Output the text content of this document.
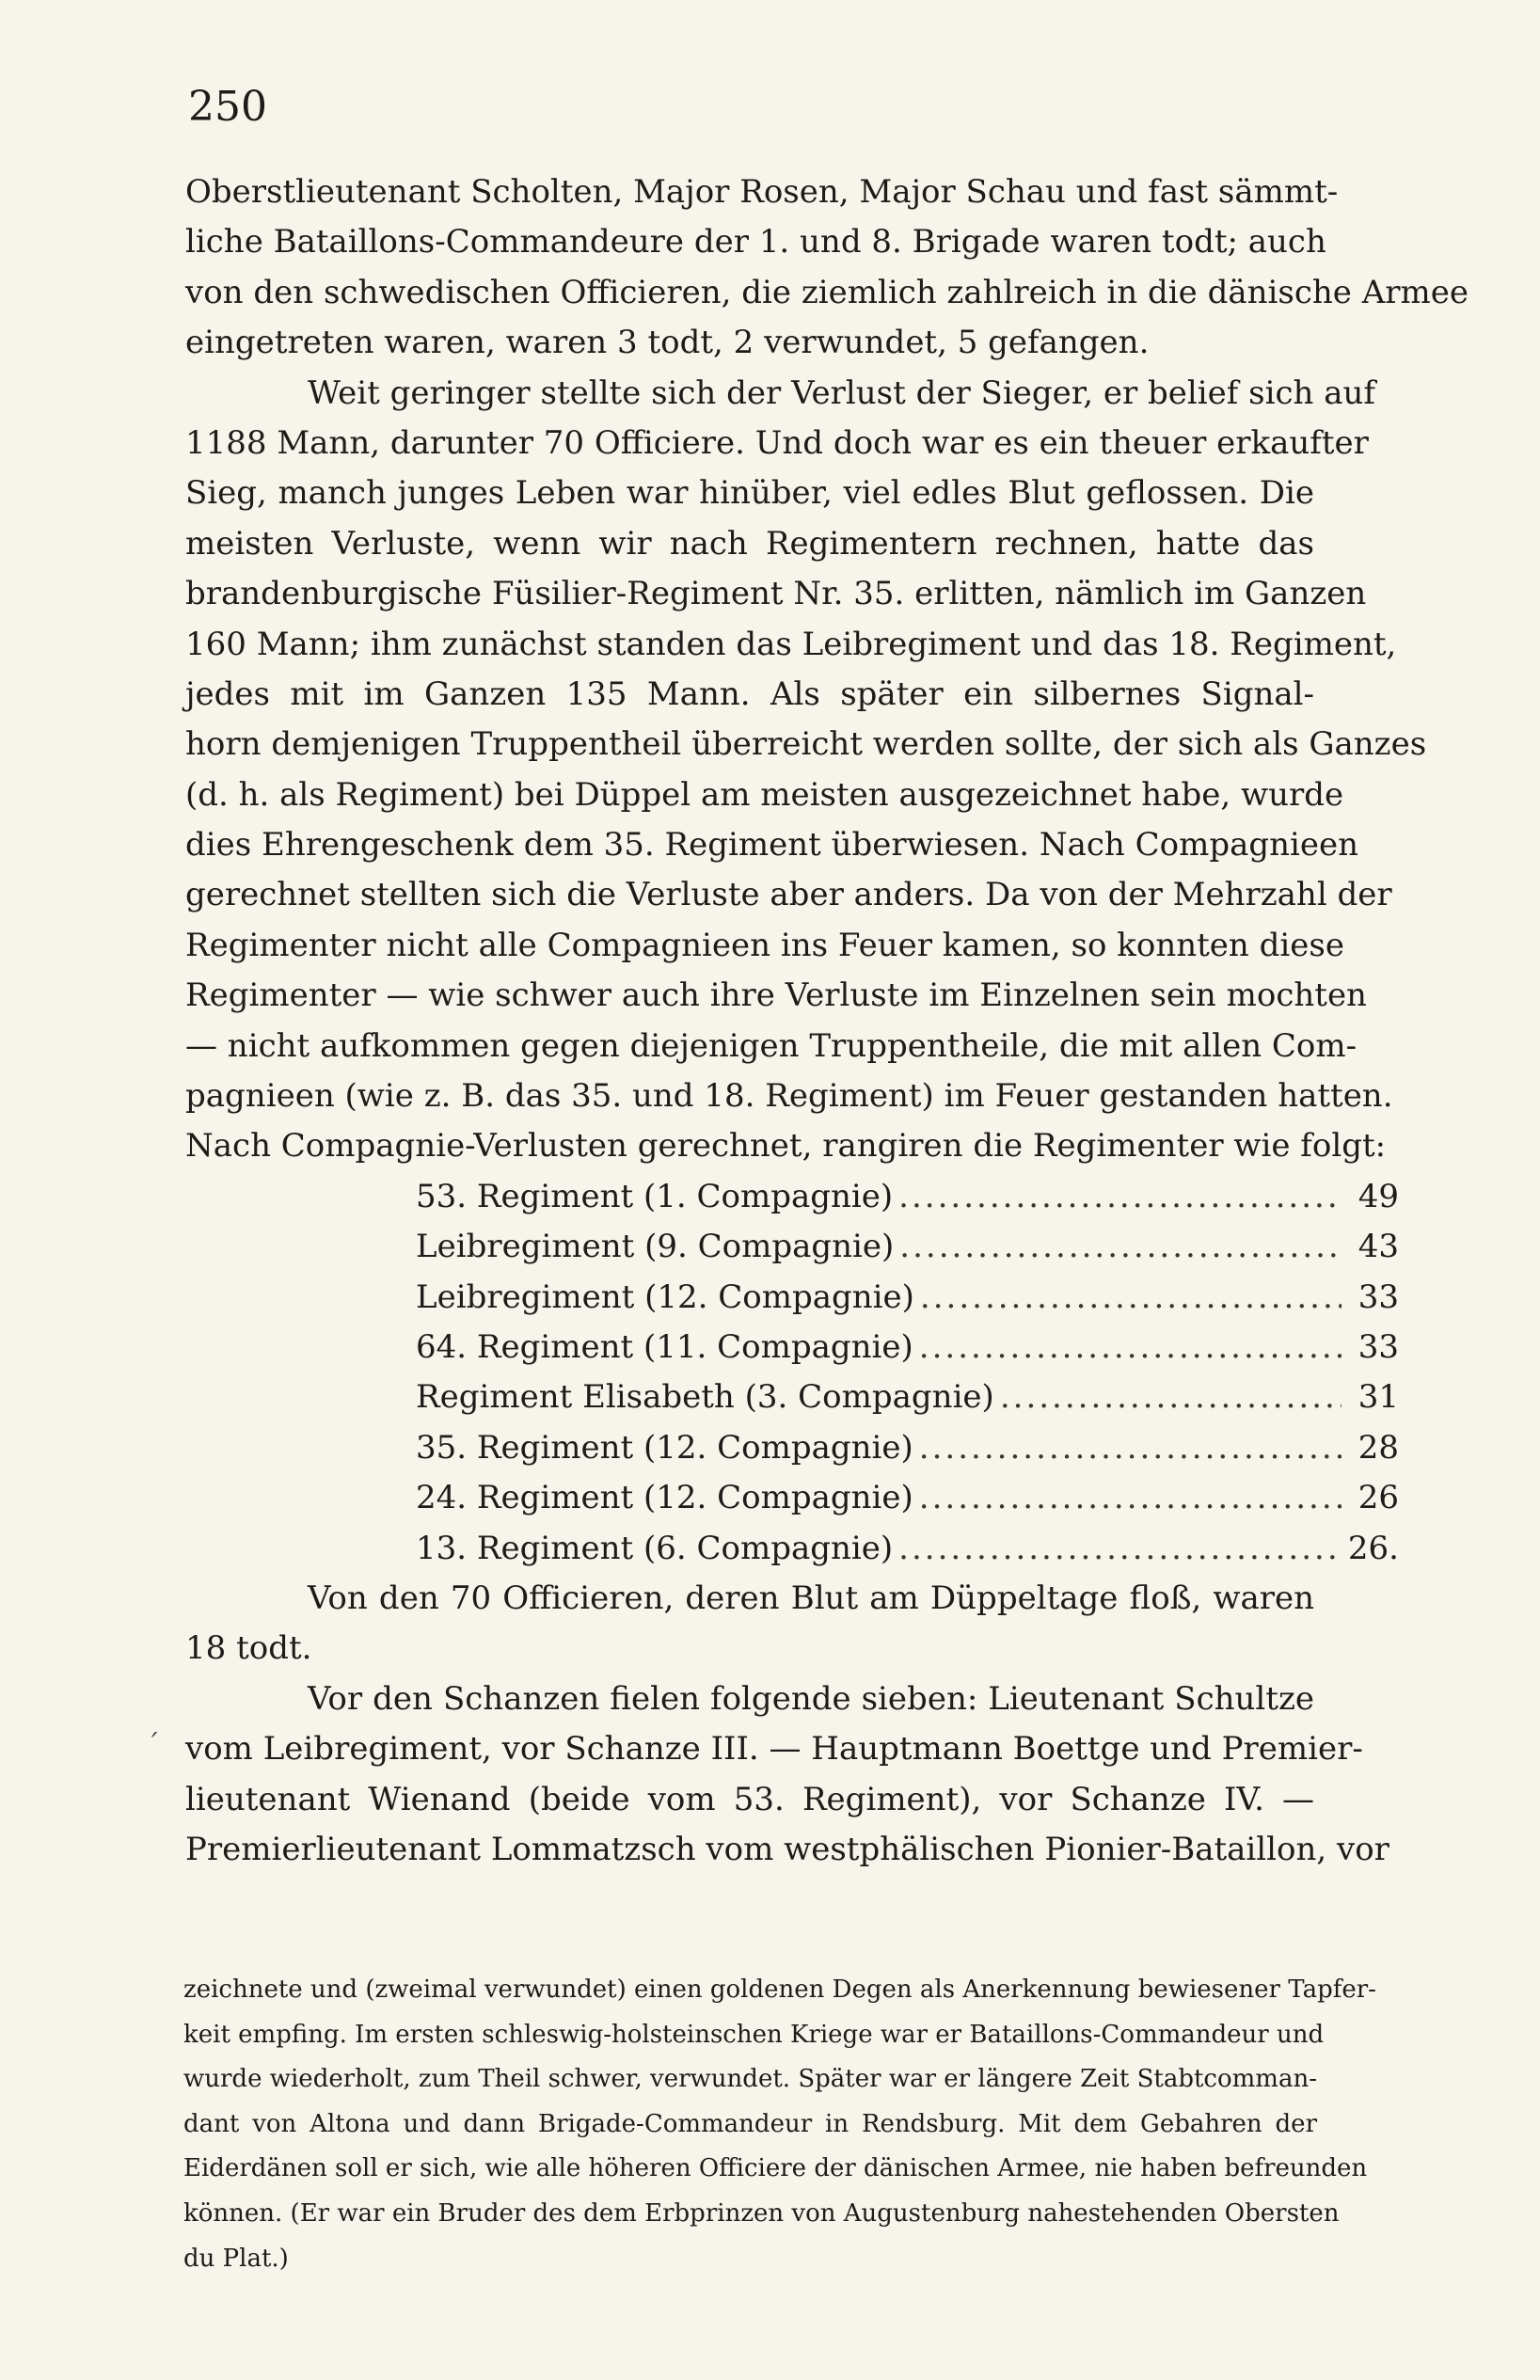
250
´
Oberstlieutenant Scholten, Major Rosen, Major Schau und fast sämmt-
liche Bataillons-Commandeure der 1. und 8. Brigade waren todt; auch
von den schwedischen Officieren, die ziemlich zahlreich in die dänische Armee
eingetreten waren, waren 3 todt, 2 verwundet, 5 gefangen.
Weit geringer stellte sich der Verlust der Sieger, er belief sich auf
1188 Mann, darunter 70 Officiere. Und doch war es ein theuer erkaufter
Sieg, manch junges Leben war hinüber, viel edles Blut geflossen. Die
meisten Verluste, wenn wir nach Regimentern rechnen, hatte das
brandenburgische Füsilier-Regiment Nr. 35. erlitten, nämlich im Ganzen
160 Mann; ihm zunächst standen das Leibregiment und das 18. Regiment,
jedes mit im Ganzen 135 Mann. Als später ein silbernes Signal-
horn demjenigen Truppentheil überreicht werden sollte, der sich als Ganzes
(d. h. als Regiment) bei Düppel am meisten ausgezeichnet habe, wurde
dies Ehrengeschenk dem 35. Regiment überwiesen. Nach Compagnieen
gerechnet stellten sich die Verluste aber anders. Da von der Mehrzahl der
Regimenter nicht alle Compagnieen ins Feuer kamen, so konnten diese
Regimenter — wie schwer auch ihre Verluste im Einzelnen sein mochten
— nicht aufkommen gegen diejenigen Truppentheile, die mit allen Com-
pagnieen (wie z. B. das 35. und 18. Regiment) im Feuer gestanden hatten.
Nach Compagnie-Verlusten gerechnet, rangiren die Regimenter wie folgt:
53. Regiment (1. Compagnie) .....	49
Leibregiment (9. Compagnie) .....	43
Leibregiment (12. Compagnie) .....	33
64. Regiment (11. Compagnie) .....	33
Regiment Elisabeth (3. Compagnie) .....	31
35. Regiment (12. Compagnie) .....	28
24. Regiment (12. Compagnie) .....	26
13. Regiment (6. Compagnie) .....	26.
Von den 70 Officieren, deren Blut am Düppeltage floß, waren
18 todt.
Vor den Schanzen fielen folgende sieben: Lieutenant Schultze
vom Leibregiment, vor Schanze III. — Hauptmann Boettge und Premier-
lieutenant Wienand (beide vom 53. Regiment), vor Schanze IV. —
Premierlieutenant Lommatzsch vom westphälischen Pionier-Bataillon, vor
zeichnete und (zweimal verwundet) einen goldenen Degen als Anerkennung bewiesener Tapfer-
keit empfing. Im ersten schleswig-holsteinschen Kriege war er Bataillons-Commandeur und
wurde wiederholt, zum Theil schwer, verwundet. Später war er längere Zeit Stabtcomman-
dant von Altona und dann Brigade-Commandeur in Rendsburg. Mit dem Gebahren der
Eiderdänen soll er sich, wie alle höheren Officiere der dänischen Armee, nie haben befreunden
können. (Er war ein Bruder des dem Erbprinzen von Augustenburg nahestehenden Obersten
du Plat.)
